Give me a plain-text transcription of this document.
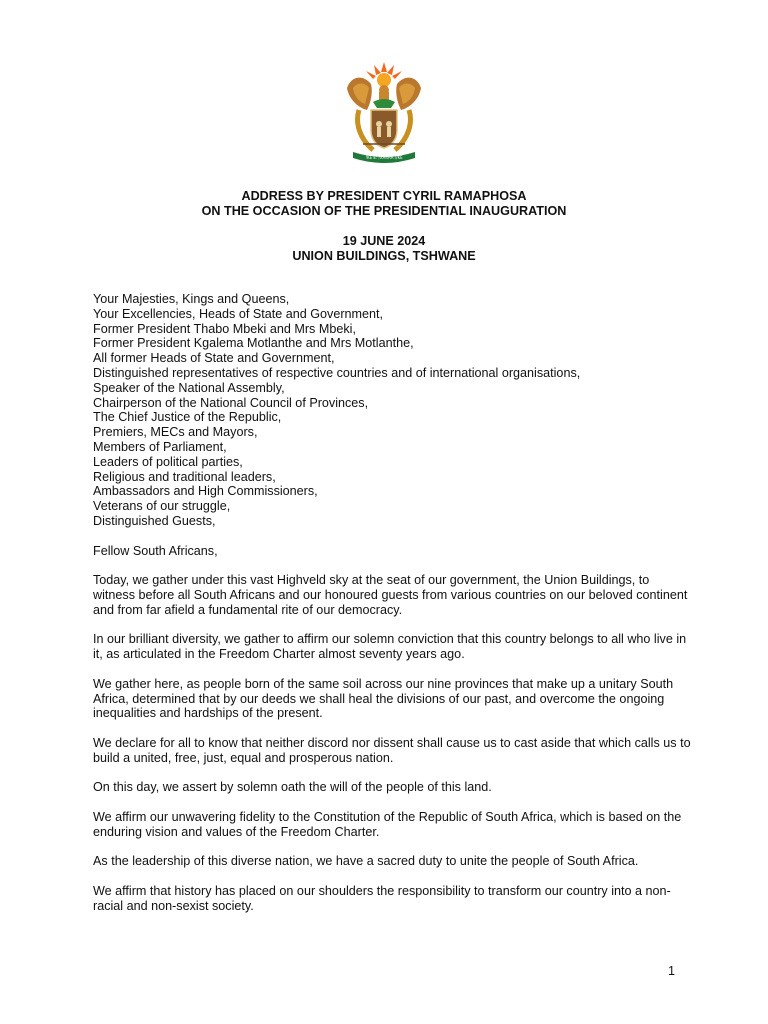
!KE E: /XARRA //KE
ADDRESS BY PRESIDENT CYRIL RAMAPHOSA
ON THE OCCASION OF THE PRESIDENTIAL INAUGURATION
19 JUNE 2024
UNION BUILDINGS, TSHWANE
Your Majesties, Kings and Queens,
Your Excellencies, Heads of State and Government,
Former President Thabo Mbeki and Mrs Mbeki,
Former President Kgalema Motlanthe and Mrs Motlanthe,
All former Heads of State and Government,
Distinguished representatives of respective countries and of international organisations,
Speaker of the National Assembly,
Chairperson of the National Council of Provinces,
The Chief Justice of the Republic,
Premiers, MECs and Mayors,
Members of Parliament,
Leaders of political parties,
Religious and traditional leaders,
Ambassadors and High Commissioners,
Veterans of our struggle,
Distinguished Guests,
Fellow South Africans,
Today, we gather under this vast Highveld sky at the seat of our government, the Union Buildings, to witness before all South Africans and our honoured guests from various countries on our beloved continent and from far afield a fundamental rite of our democracy.
In our brilliant diversity, we gather to affirm our solemn conviction that this country belongs to all who live in it, as articulated in the Freedom Charter almost seventy years ago.
We gather here, as people born of the same soil across our nine provinces that make up a unitary South Africa, determined that by our deeds we shall heal the divisions of our past, and overcome the ongoing inequalities and hardships of the present.
We declare for all to know that neither discord nor dissent shall cause us to cast aside that which calls us to build a united, free, just, equal and prosperous nation.
On this day, we assert by solemn oath the will of the people of this land.
We affirm our unwavering fidelity to the Constitution of the Republic of South Africa, which is based on the enduring vision and values of the Freedom Charter.
As the leadership of this diverse nation, we have a sacred duty to unite the people of South Africa.
We affirm that history has placed on our shoulders the responsibility to transform our country into a non-racial and non-sexist society.
1
